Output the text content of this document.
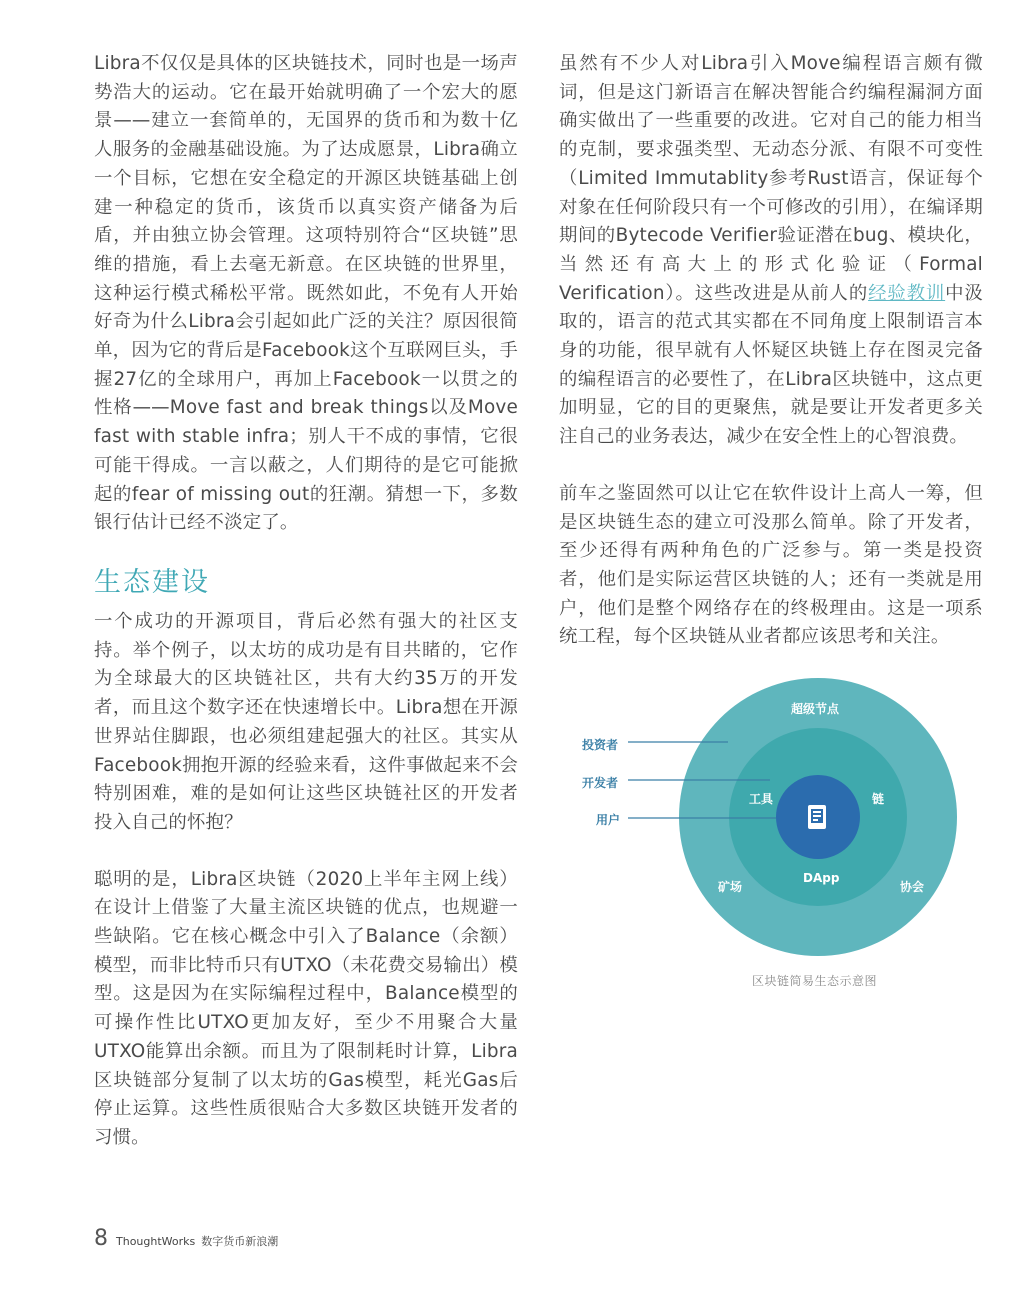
Libra不仅仅是具体的区块链技术，同时也是一场声势浩大的运动。它在最开始就明确了一个宏大的愿景——建立一套简单的，无国界的货币和为数十亿人服务的金融基础设施。为了达成愿景，Libra确立一个目标，它想在安全稳定的开源区块链基础上创建一种稳定的货币，该货币以真实资产储备为后盾，并由独立协会管理。这项特别符合“区块链”思维的措施，看上去毫无新意。在区块链的世界里，这种运行模式稀松平常。既然如此，不免有人开始好奇为什么Libra会引起如此广泛的关注？原因很简单，因为它的背后是Facebook这个互联网巨头，手握27亿的全球用户，再加上Facebook一以贯之的性格——Move fast and break things以及Move fast with stable infra；别人干不成的事情，它很可能干得成。一言以蔽之，人们期待的是它可能掀起的fear of missing out的狂潮。猜想一下，多数银行估计已经不淡定了。

生态建设

一个成功的开源项目，背后必然有强大的社区支持。举个例子，以太坊的成功是有目共睹的，它作为全球最大的区块链社区，共有大约35万的开发者，而且这个数字还在快速增长中。Libra想在开源世界站住脚跟，也必须组建起强大的社区。其实从Facebook拥抱开源的经验来看，这件事做起来不会特别困难，难的是如何让这些区块链社区的开发者投入自己的怀抱？

聪明的是，Libra区块链（2020上半年主网上线）在设计上借鉴了大量主流区块链的优点，也规避一些缺陷。它在核心概念中引入了Balance（余额）模型，而非比特币只有UTXO（未花费交易输出）模型。这是因为在实际编程过程中，Balance模型的可操作性比UTXO更加友好，至少不用聚合大量UTXO能算出余额。而且为了限制耗时计算，Libra区块链部分复制了以太坊的Gas模型，耗光Gas后停止运算。这些性质很贴合大多数区块链开发者的习惯。

虽然有不少人对Libra引入Move编程语言颇有微词，但是这门新语言在解决智能合约编程漏洞方面确实做出了一些重要的改进。它对自己的能力相当的克制，要求强类型、无动态分派、有限不可变性（Limited Immutablity参考Rust语言，保证每个对象在任何阶段只有一个可修改的引用），在编译期期间的Bytecode Verifier验证潜在bug、模块化，当然还有高大上的形式化验证（Formal Verification）。这些改进是从前人的经验教训中汲取的，语言的范式其实都在不同角度上限制语言本身的功能，很早就有人怀疑区块链上存在图灵完备的编程语言的必要性了，在Libra区块链中，这点更加明显，它的目的更聚焦，就是要让开发者更多关注自己的业务表达，减少在安全性上的心智浪费。

前车之鉴固然可以让它在软件设计上高人一筹，但是区块链生态的建立可没那么简单。除了开发者，至少还得有两种角色的广泛参与。第一类是投资者，他们是实际运营区块链的人；还有一类就是用户，他们是整个网络存在的终极理由。这是一项系统工程，每个区块链从业者都应该思考和关注。

超级节点
矿场	协会
工具	链
DApp
投资者
开发者
用户
区块链简易生态示意图
8 ThoughtWorks 数字货币新浪潮
